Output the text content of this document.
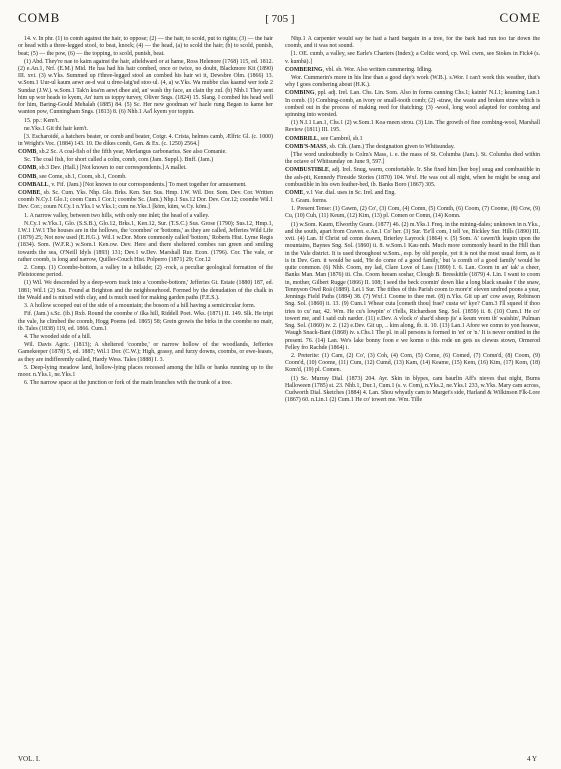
COMB	[ 705 ]	COME

14. v. In phr. (1) to comb against the hair, to oppose; (2) — the hair, to scold, put to rights; (3) — the hair or head with a three-legged stool, to beat, knock; (4) — the head, (a) to scold the hair; (b) to scold, punish, beat; (5) — the pow, (6) — the topping, to scold, punish, beat.

(1) Abd. They're nae to kaim against the hair, afieldward or at hame, Ross Helenore (1768) 115, ed. 1812. (2) e.An.1, Nrf. (E.M.) Mid. He has had his hair combed, once or twice, no doubt, Blackmore Kit (1890) III. xvi. (3) w.Yks. Summed up t'three-legged stool an combed his hair wi it, Dewsbre Olm. (1866) 13. w.Som.1 Uur-ul kaum aewr ae-d wai u dree-laig'ud stoo·ul. (4, a) w.Yks. Wa mubbe clas kaamd wer iodz 2 Sundaz (J.W.). w.Som.1 Tak'n koa'm aewt dhee aid, an' wash thy face, an clain thy zul. (b) Nhb.1 They sent him up wor heads to kyem, An' turn us toppy turvey, Oliver Sngs. (1824) 15. Slang. I combed his head well for him, Baring-Gould Mehalah (1885) 84. (5) Sc. Her new goodman wi' hazle rung Began to kame her wanton pow, Cunningham Sngs. (1813) 8. (6) Nhb.1 Aa'l kyem yor toppin.

15. pp.: Kem't.

ne.Yks.1 Git thi hair kem't.

[3. Escharoidé, a hatchers beater, or comb and beater, Cotgr. 4. Crista, helmes camb, Ælfric Gl. (c. 1000) in Wright's Voc. (1884) 143. 10. De dikes comb, Gen. & Ex. (c. 1250) 2564.]

COMB, sb.2 Sc. A coal-fish of the fifth year, Merlangus carbonarius. See also Comanie.

Sc. The coal fish, for short called a colm, comb, com (Jam. Suppl.). Bnff. (Jam.)

COMB, sb.3 Dev. (Hall.) [Not known to our correspondents.] A mallet.

COMB, see Come, sb.1, Coom, sb.1, Coomb.

COMBALL, v. Fif. (Jam.) [Not known to our correspondents.] To meet together for amusement.

COMBE, sb. Sc. Cum. Yks. Nhp. Glo. Brks. Ken. Sur. Sus. Hmp. I.W. Wil. Dor. Som. Dev. Cor. Written coomb N.Cy.1 Glo.1; coom Cum.1 Cor.1; coombe Sc. (Jam.) Nhp.1 Sus.12 Dor. Dev. Cor.12; coombe Wil.1 Dev. Cor.; coum N.Cy.1 n.Yks.1 w.Yks.1; cum ne.Yks.1 [kōm, kūm, w.Cy. kōm.]

1. A narrow valley, between two hills, with only one inlet; the head of a valley.

N.Cy.1 w.Yks.1, Glo. (S.S.B.), Glo.12, Brks.1, Ken.12, Sur. (T.S.C.) Sus. Grose (1790); Sus.12, Hmp.1, I.W.1 I.W.1 The houses are in the hollows, the 'coombes' or 'bottoms,' as they are called, Jefferies Wild Life (1879) 25; Not now used (E.H.G.). Wil.1 w.Dor. More commonly called 'bottom,' Roberts Hist. Lyme Regis (1834). Som. (W.F.R.) w.Som.1 Ken.ow. Dev. Here and there sheltered combes ran green and smiling towards the sea, O'Neill Idyls (1893) 131; Dev.1 w.Dev. Marshall Rur. Econ. (1796). Cor. The vale, or rather coomb, is long and narrow, Quiller-Couch Hist. Polperro (1871) 29; Cor.12

2. Comp. (1) Coombe-bottom, a valley in a hillside; (2) -rock, a peculiar geological formation of the Pleistocene period.

(1) Wil. We descended by a deep-worn track into a 'coombe-bottom,' Jefferies Gt. Estate (1880) 187, ed. 1881; Wil.1 (2) Sus. Found at Brighton and the neighbourhood. Formed by the denudation of the chalk in the Weald and is mixed with clay, and is much used for making garden paths (F.E.S.).

3. A hollow scooped out of the side of a mountain; the bosom of a hill having a semicircular form.

Fif. (Jam.) s.Sc. (ib.) Rxb. Round the coombe o' ilka hill, Riddell Poet. Wks. (1871) II. 149. Slk. He tript the vale, he climbed the coomb, Hogg Poems (ed. 1865) 58; Grein growis the birks in the coombe no mair, ib. Tales (1838) 119, ed. 1866. Cum.1

4. The wooded side of a hill.

Wil. Davis Agric. (1813); A sheltered 'coombe,' or narrow hollow of the woodlands, Jefferies Gamekeeper (1878) 5, ed. 1887; Wil.1 Dor. (C.W.); High, grassy, and furzy downs, coombs, or ewe-leases, as they are indifferently called, Hardy Wess. Tales (1888) I. 3.

5. Deep-lying meadow land, hollow-lying places recessed among the hills or banks running up to the moor. n.Yks.1, ne.Yks.1

6. The narrow space at the junction or fork of the main branches with the trunk of a tree.

Nhp.1 A carpenter would say he had a hard bargain in a tree, for the bark had run too far down the coomb, and it was not sound.

[1. OE. cumb, a valley, see Earle's Charters (Index); a Celtic word, cp. Wel. cwm, see Stokes in Fick4 (s. v. kumbā).]

COMBERING, vbl. sb. Wor. Also written cummering. Idling.

Wor. Cummerin's more in his line than a good day's work (W.B.). s.Wor. I can't work this weather, that's why I goes combering about (H.K.).

COMBING, ppl. adj. Irel. Lan. Chs. Lin. Som. Also in forms canning Chs.1; kainin' N.I.1; keaming Lan.1 In comb. (1) Combing-comb, an ivory or small-tooth comb; (2) -straw, the waste and broken straw which is combed out in the process of making reed for thatching; (3) -wool, long wool adapted for combing and spinning into worsted.

(1) N.I.1 Lan.1, Chs.1 (2) w.Som.1 Koa·meen strou. (3) Lin. The growth of fine combing-wool, Marshall Review (1811) III. 195.

COMBRILL, see Cambrel, sb.1

COMB'S-MASS, sb. Cth. (Jam.) The designation given to Whitsunday.

[The word undoubtedly is Colm's Mass, i. e. the mass of St. Columba (Jam.). St. Columba died within the octave of Whitsunday on June 9, 597.]

COMBUSTIBLE, adj. Irel. Snug, warm, comfortable. Ir. She fixed him [her boy] snug and combustible in the ash-pit, Kennedy Fireside Stories (1870) 104. Wxf. He was out all night, when he might be snug and combustible in his own feather-bed, ib. Banks Boro (1867) 305.

COME, v.1 Var. dial. uses in Sc. Irel. and Eng.

I. Gram. forms.

1. Present Tense: (1) Cawm, (2) Co', (3) Com, (4) Comn, (5) Comth, (6) Coom, (7) Coome, (8) Cow, (9) Cu, (10) Cuh, (11) Keum, (12) Kim, (13) pl. Comen or Comn, (14) Komn.

(1) w.Som. Kaum, Elworthy Gram. (1877) 46. (2) m.Yks.1 Freq. in the mining-dales; unknown in n.Yks., and the south, apart from Craven. e.An.1 Co' her. (3) Sur. 'Ee'll com, I tell 'ee, Bickley Sur. Hills (1890) III. xvii. (4) Lan. If Christ ud comn deawn, Brierley Layrock (1864) v. (5) Som. A' cawm'th leapin upon the mountains, Baynes Sng. Sol. (1860) ii. 8. w.Som.1 Kau·mth. Much more commonly heard in the Hill than in the Vale district. It is used throughout w.Som., esp. by old people, yet it is not the most usual form, as it is in Dev. Gen. it would be said, 'He do come of a good family,' but 'a comth of a good family' would be quite common. (6) Nhb. Coom, my lad, Clare Love of Lass (1890) I. 6. Lan. Coom in an' tak' a cheer, Banks Man. Man (1876) iii. Chs. Coom heeam soshar, Clough B. Bresskittle (1879) 4. Lin. I want to coom in, mother, Gilbert Rugge (1866) II. 108; I seed the beck coomin' down like a long black snaake i' the snaw, Tennyson Owd Roä (1889). Lei.1 Sur. The tithes of this Parish coom to more'n' eleven undred poons a year, Jennings Field Paths (1884) 38. (7) Wxf.1 Coome to thee met. (8) n.Yks. Git up an' cow away, Robinson Sng. Sol. (1860) ii. 13. (9) Cum.1 Whear cuta [cometh thou] frae? custa wi' kye? Cum.3 I'll squeel if thoo tries to cu' nar, 42. Wm. He cu's lowpin' o' t'fells, Richardson Sng. Sol. (1859) ii. 8. (10) Cum.1 He co' towert me, and I said cuh narder. (11) e.Dev. A vlock o' shar'd sheep jis' a keum vrem th' waishin', Pulman Sng. Sol. (1860) iv. 2. (12) e.Dev. Git up, .. kim along, ib. ii. 10. (13) Lan.1 Afore we comn to yon heawse, Waugh Snack-Bant (1868) iv. s.Chs.1 The pl. in all persons is formed in 'en' or 'n.' It is never omitted in the present. 76. (14) Lan. We's lake bonny foon e we komn o this rode un gets us clewus stown, Ormerod Felley fro Rachde (1864) i.

2. Preterite: (1) Cam, (2) Co', (3) Coh, (4) Com, (5) Come, (6) Comed, (7) Comn'd, (8) Coom, (9) Coom'd, (10) Coome, (11) Cum, (12) Cumd, (13) Kam, (14) Keame, (15) Kem, (16) Kim, (17) Kom, (18) Kom'd, (19) pl. Comen.

(1) Sc. Murray Dial. (1873) 204. Ayr. Skin in blypes, cam baurlin Aff's nieves that night, Burns Halloween (1785) st. 23. Nhb.1, Dur.1, Cum.1 (s. v. Com), n.Yks.2, ne.Yks.1 233, w.Yks. Mary cam across, Cudworth Dial. Sketches (1884) 4. Lan. Shou whyatly cam to Marget's side, Harland & Wilkinson Flk-Lore (1867) 60. n.Lin.1 (2) Cum.1 He co' towert me. Wm. Tille

VOL. I.	4 Y
